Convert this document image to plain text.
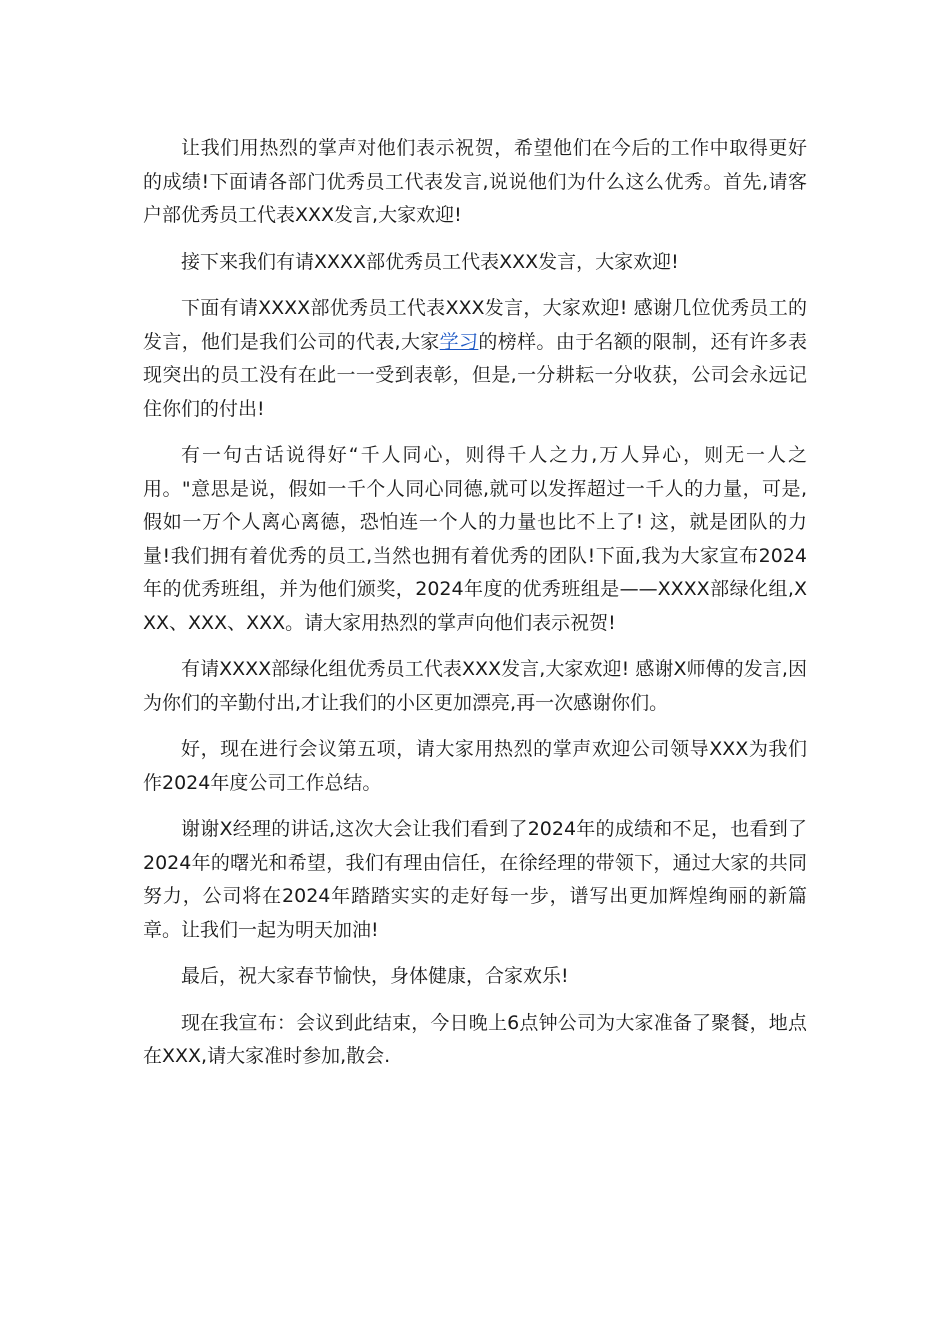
让我们用热烈的掌声对他们表示祝贺，希望他们在今后的工作中取得更好的成绩!下面请各部门优秀员工代表发言,说说他们为什么这么优秀。首先,请客户部优秀员工代表XXX发言,大家欢迎!

接下来我们有请XXXX部优秀员工代表XXX发言，大家欢迎!

下面有请XXXX部优秀员工代表XXX发言，大家欢迎! 感谢几位优秀员工的发言，他们是我们公司的代表,大家学习的榜样。由于名额的限制，还有许多表现突出的员工没有在此一一受到表彰，但是,一分耕耘一分收获，公司会永远记住你们的付出!

有一句古话说得好“千人同心，则得千人之力,万人异心，则无一人之用。"意思是说，假如一千个人同心同德,就可以发挥超过一千人的力量，可是,假如一万个人离心离德，恐怕连一个人的力量也比不上了! 这，就是团队的力量!我们拥有着优秀的员工,当然也拥有着优秀的团队!下面,我为大家宣布2024年的优秀班组，并为他们颁奖，2024年度的优秀班组是——XXXX部绿化组,XXX、XXX、XXX。请大家用热烈的掌声向他们表示祝贺!

有请XXXX部绿化组优秀员工代表XXX发言,大家欢迎! 感谢X师傅的发言,因为你们的辛勤付出,才让我们的小区更加漂亮,再一次感谢你们。

好，现在进行会议第五项，请大家用热烈的掌声欢迎公司领导XXX为我们作2024年度公司工作总结。

谢谢X经理的讲话,这次大会让我们看到了2024年的成绩和不足，也看到了2024年的曙光和希望，我们有理由信任，在徐经理的带领下，通过大家的共同努力，公司将在2024年踏踏实实的走好每一步，谱写出更加辉煌绚丽的新篇章。让我们一起为明天加油!

最后，祝大家春节愉快，身体健康，合家欢乐!

现在我宣布：会议到此结束，今日晚上6点钟公司为大家准备了聚餐，地点在XXX,请大家准时参加,散会.
